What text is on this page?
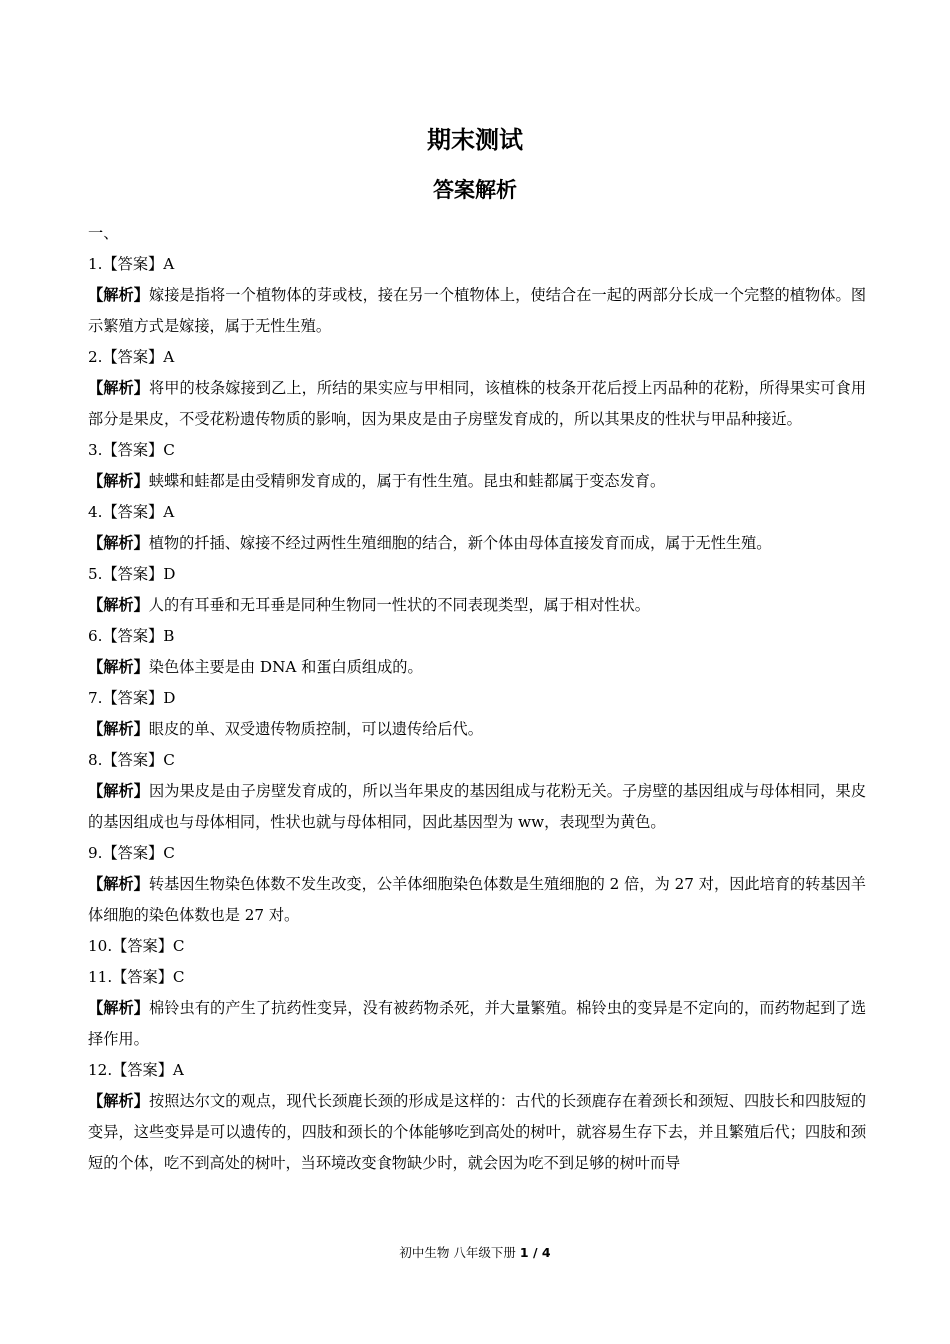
期末测试
答案解析

一、

1.【答案】A

【解析】嫁接是指将一个植物体的芽或枝，接在另一个植物体上，使结合在一起的两部分长成一个完整的植物体。图示繁殖方式是嫁接，属于无性生殖。

2.【答案】A

【解析】将甲的枝条嫁接到乙上，所结的果实应与甲相同，该植株的枝条开花后授上丙品种的花粉，所得果实可食用部分是果皮，不受花粉遗传物质的影响，因为果皮是由子房壁发育成的，所以其果皮的性状与甲品种接近。

3.【答案】C

【解析】蛱蝶和蛙都是由受精卵发育成的，属于有性生殖。昆虫和蛙都属于变态发育。

4.【答案】A

【解析】植物的扦插、嫁接不经过两性生殖细胞的结合，新个体由母体直接发育而成，属于无性生殖。

5.【答案】D

【解析】人的有耳垂和无耳垂是同种生物同一性状的不同表现类型，属于相对性状。

6.【答案】B

【解析】染色体主要是由 DNA 和蛋白质组成的。

7.【答案】D

【解析】眼皮的单、双受遗传物质控制，可以遗传给后代。

8.【答案】C

【解析】因为果皮是由子房壁发育成的，所以当年果皮的基因组成与花粉无关。子房壁的基因组成与母体相同，果皮的基因组成也与母体相同，性状也就与母体相同，因此基因型为 ww，表现型为黄色。

9.【答案】C

【解析】转基因生物染色体数不发生改变，公羊体细胞染色体数是生殖细胞的 2 倍，为 27 对，因此培育的转基因羊体细胞的染色体数也是 27 对。

10.【答案】C

11.【答案】C

【解析】棉铃虫有的产生了抗药性变异，没有被药物杀死，并大量繁殖。棉铃虫的变异是不定向的，而药物起到了选择作用。

12.【答案】A

【解析】按照达尔文的观点，现代长颈鹿长颈的形成是这样的：古代的长颈鹿存在着颈长和颈短、四肢长和四肢短的变异，这些变异是可以遗传的，四肢和颈长的个体能够吃到高处的树叶，就容易生存下去，并且繁殖后代；四肢和颈短的个体，吃不到高处的树叶，当环境改变食物缺少时，就会因为吃不到足够的树叶而导

初中生物 八年级下册 1 / 4
